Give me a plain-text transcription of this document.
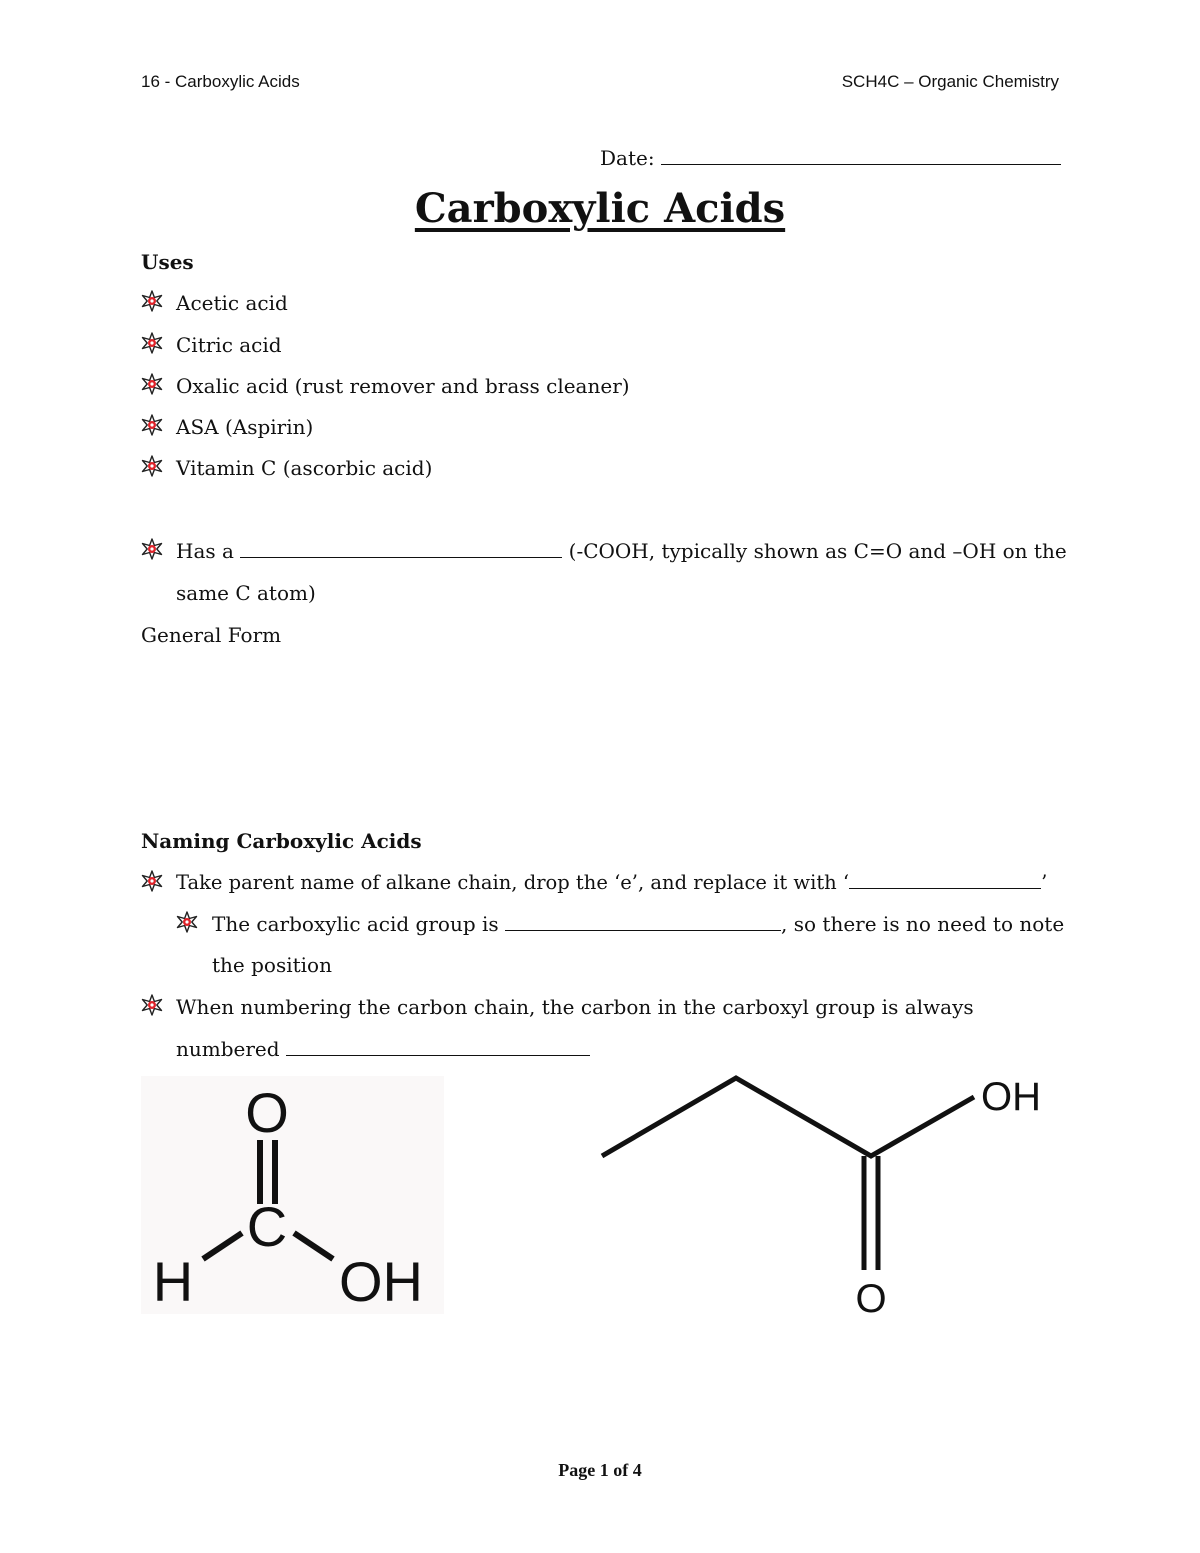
16 - Carboxylic Acids	SCH4C – Organic Chemistry
Date:
Carboxylic Acids
Uses
Acetic acid
Citric acid
Oxalic acid (rust remover and brass cleaner)
ASA (Aspirin)
Vitamin C (ascorbic acid)
Has a	(-COOH, typically shown as C=O and –OH on the
same C atom)
General Form
Naming Carboxylic Acids
Take parent name of alkane chain, drop the ‘e’, and replace it with ‘	’
The carboxylic acid group is	, so there is no need to note
the position
When numbering the carbon chain, the carbon in the carboxyl group is always
numbered
O
C
H	OH
OH
O
Page 1 of 4
